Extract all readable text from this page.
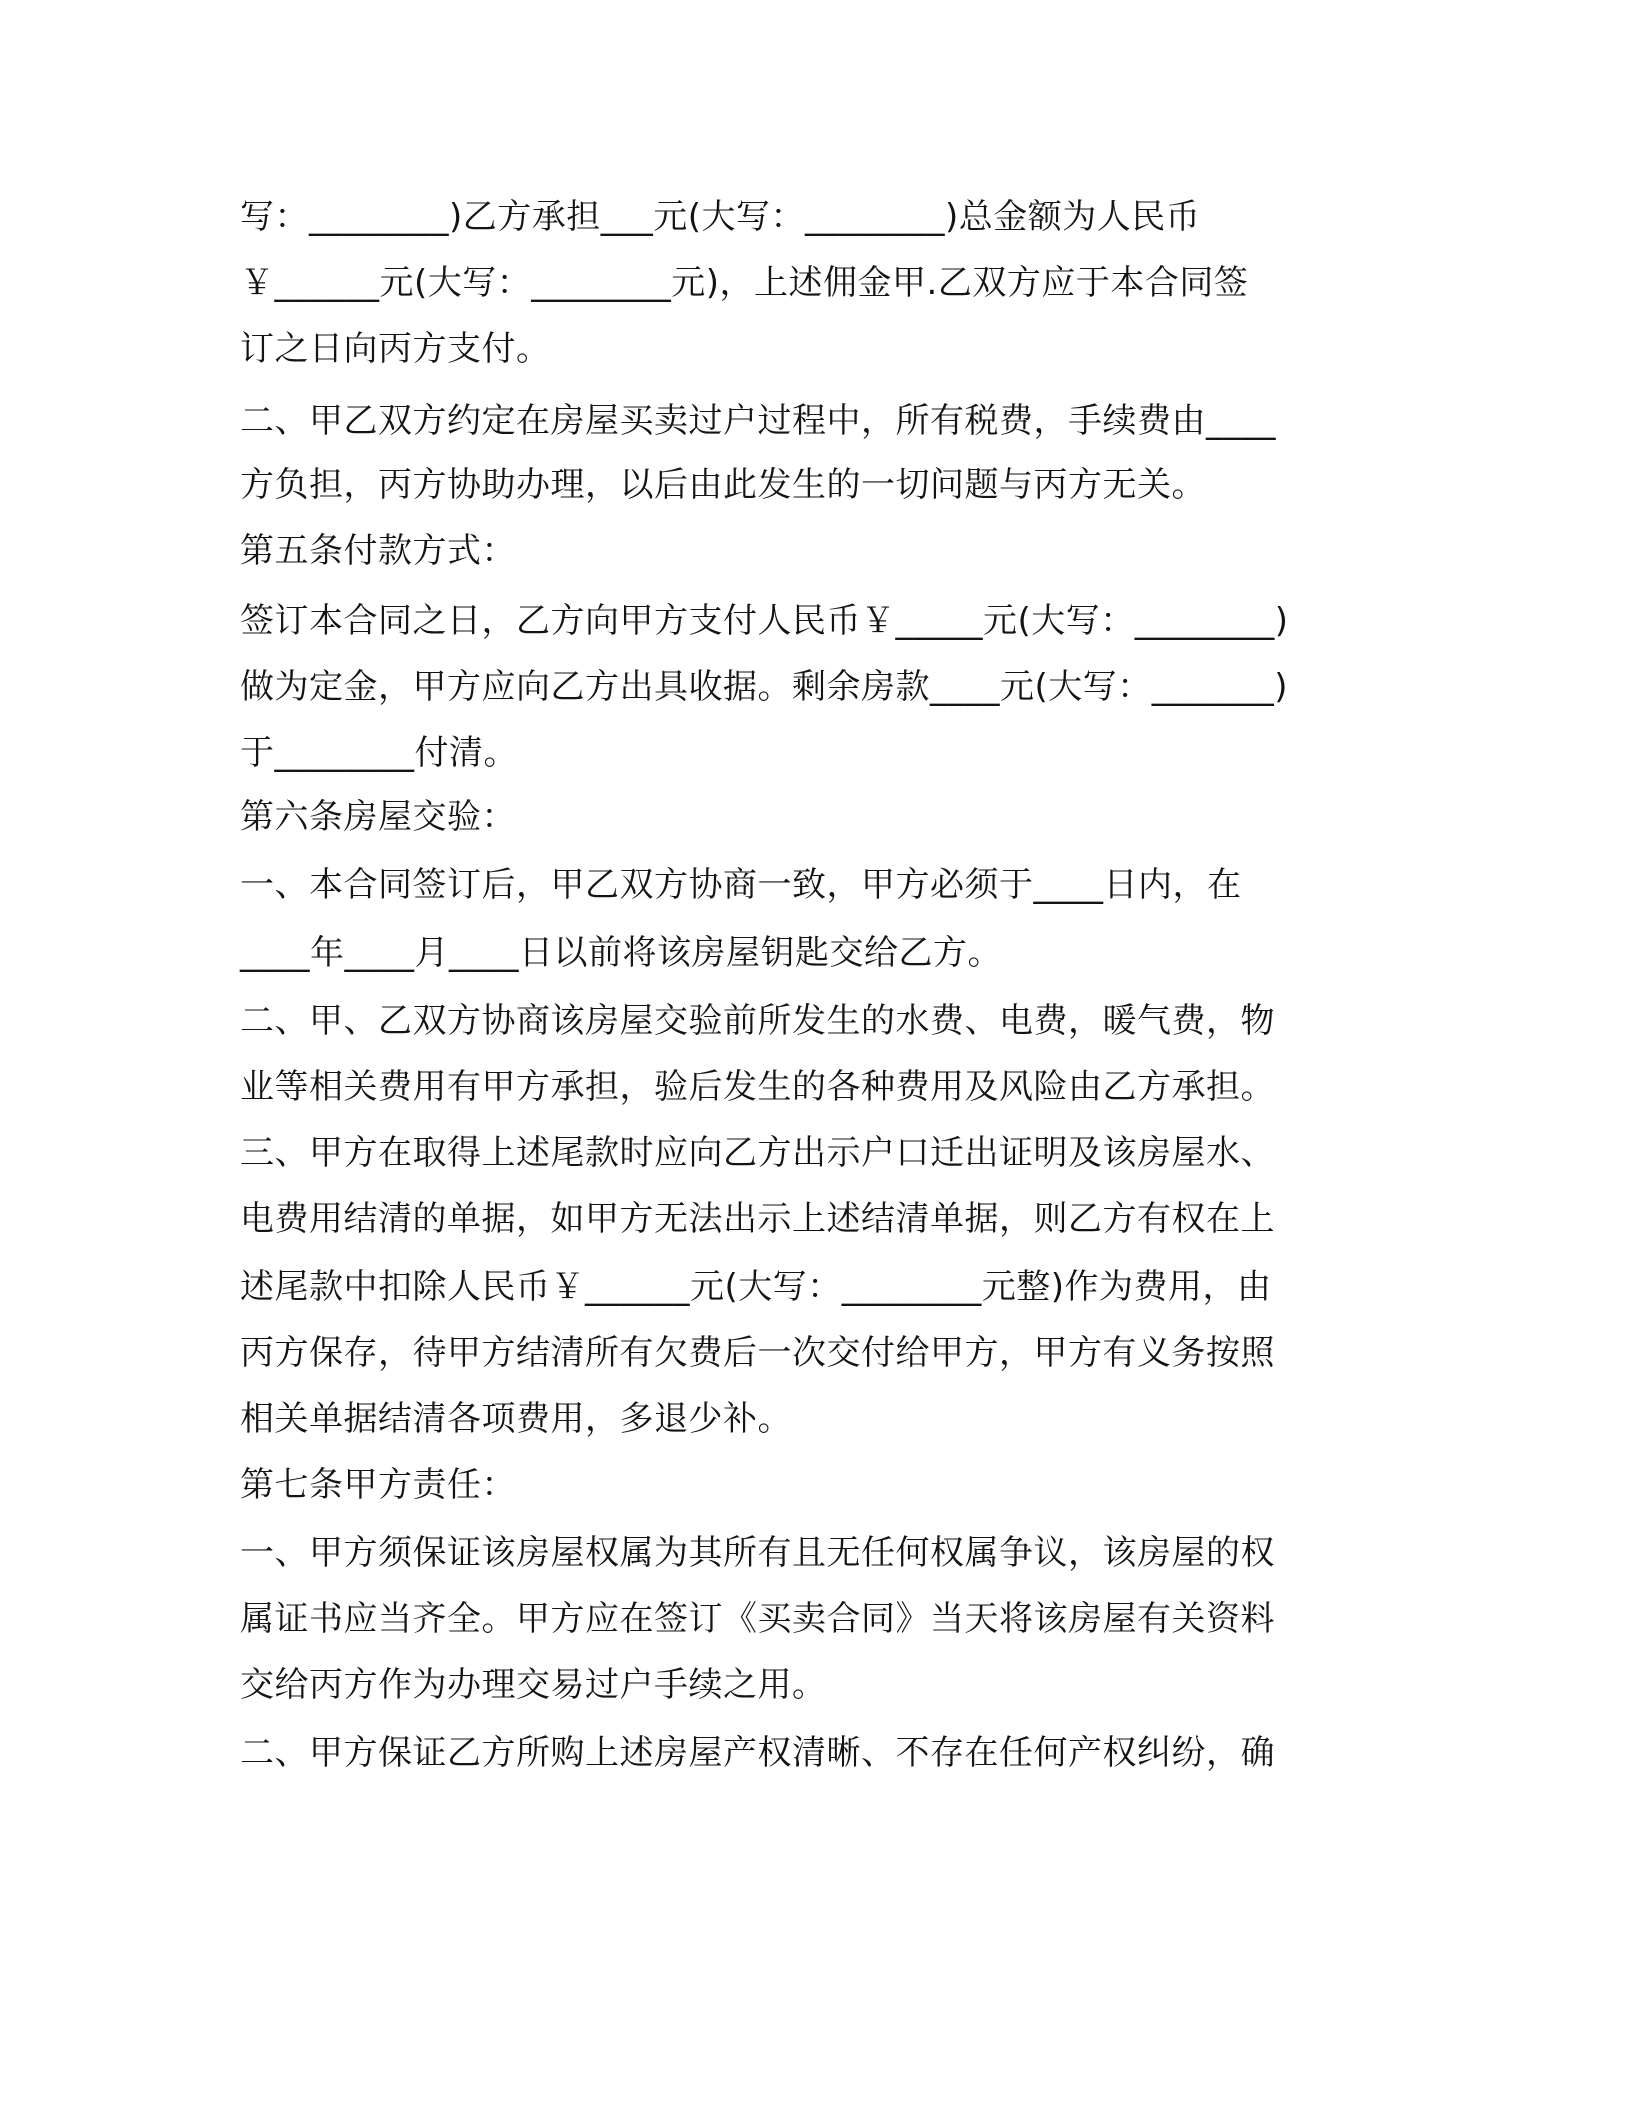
写：________)乙方承担___元(大写：________)总金额为人民币
￥______元(大写：________元)，上述佣金甲.乙双方应于本合同签
订之日向丙方支付。
二、甲乙双方约定在房屋买卖过户过程中，所有税费，手续费由____
方负担，丙方协助办理，以后由此发生的一切问题与丙方无关。
第五条付款方式：
签订本合同之日，乙方向甲方支付人民币￥_____元(大写：________)
做为定金，甲方应向乙方出具收据。剩余房款____元(大写：_______)
于________付清。
第六条房屋交验：
一、本合同签订后，甲乙双方协商一致，甲方必须于____日内，在
____年____月____日以前将该房屋钥匙交给乙方。
二、甲、乙双方协商该房屋交验前所发生的水费、电费，暖气费，物
业等相关费用有甲方承担，验后发生的各种费用及风险由乙方承担。
三、甲方在取得上述尾款时应向乙方出示户口迁出证明及该房屋水、
电费用结清的单据，如甲方无法出示上述结清单据，则乙方有权在上
述尾款中扣除人民币￥______元(大写：________元整)作为费用，由
丙方保存，待甲方结清所有欠费后一次交付给甲方，甲方有义务按照
相关单据结清各项费用，多退少补。
第七条甲方责任：
一、甲方须保证该房屋权属为其所有且无任何权属争议，该房屋的权
属证书应当齐全。甲方应在签订《买卖合同》当天将该房屋有关资料
交给丙方作为办理交易过户手续之用。
二、甲方保证乙方所购上述房屋产权清晰、不存在任何产权纠纷，确
